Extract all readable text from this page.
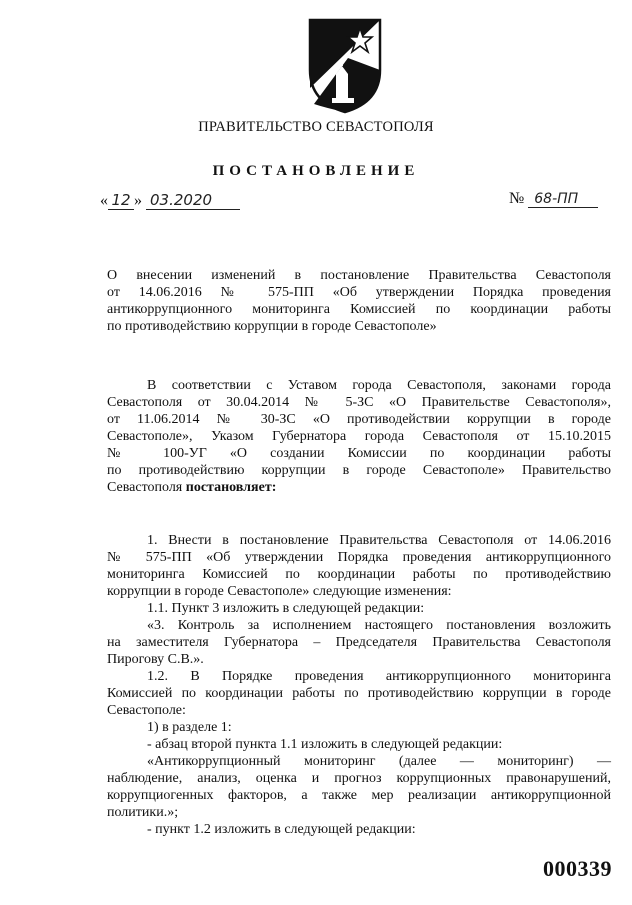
ПРАВИТЕЛЬСТВО СЕВАСТОПОЛЯ
ПОСТАНОВЛЕНИЕ
« 12 » 03.2020	№ 68-ПП
О внесении изменений в постановление Правительства Севастополя
от 14.06.2016 № 575-ПП «Об утверждении Порядка проведения
антикоррупционного мониторинга Комиссией по координации работы
по противодействию коррупции в городе Севастополе»
В соответствии с Уставом города Севастополя, законами города
Севастополя от 30.04.2014 № 5-ЗС «О Правительстве Севастополя»,
от 11.06.2014 № 30-ЗС «О противодействии коррупции в городе
Севастополе», Указом Губернатора города Севастополя от 15.10.2015
№ 100-УГ «О создании Комиссии по координации работы
по противодействию коррупции в городе Севастополе» Правительство
Севастополя постановляет:
1. Внести в постановление Правительства Севастополя от 14.06.2016
№ 575-ПП «Об утверждении Порядка проведения антикоррупционного
мониторинга Комиссией по координации работы по противодействию
коррупции в городе Севастополе» следующие изменения:
1.1. Пункт 3 изложить в следующей редакции:
«3. Контроль за исполнением настоящего постановления возложить
на заместителя Губернатора – Председателя Правительства Севастополя
Пирогову С.В.».
1.2. В Порядке проведения антикоррупционного мониторинга
Комиссией по координации работы по противодействию коррупции в городе
Севастополе:
1) в разделе 1:
- абзац второй пункта 1.1 изложить в следующей редакции:
«Антикоррупционный мониторинг (далее — мониторинг) —
наблюдение, анализ, оценка и прогноз коррупционных правонарушений,
коррупциогенных факторов, а также мер реализации антикоррупционной
политики.»;
- пункт 1.2 изложить в следующей редакции:
000339
